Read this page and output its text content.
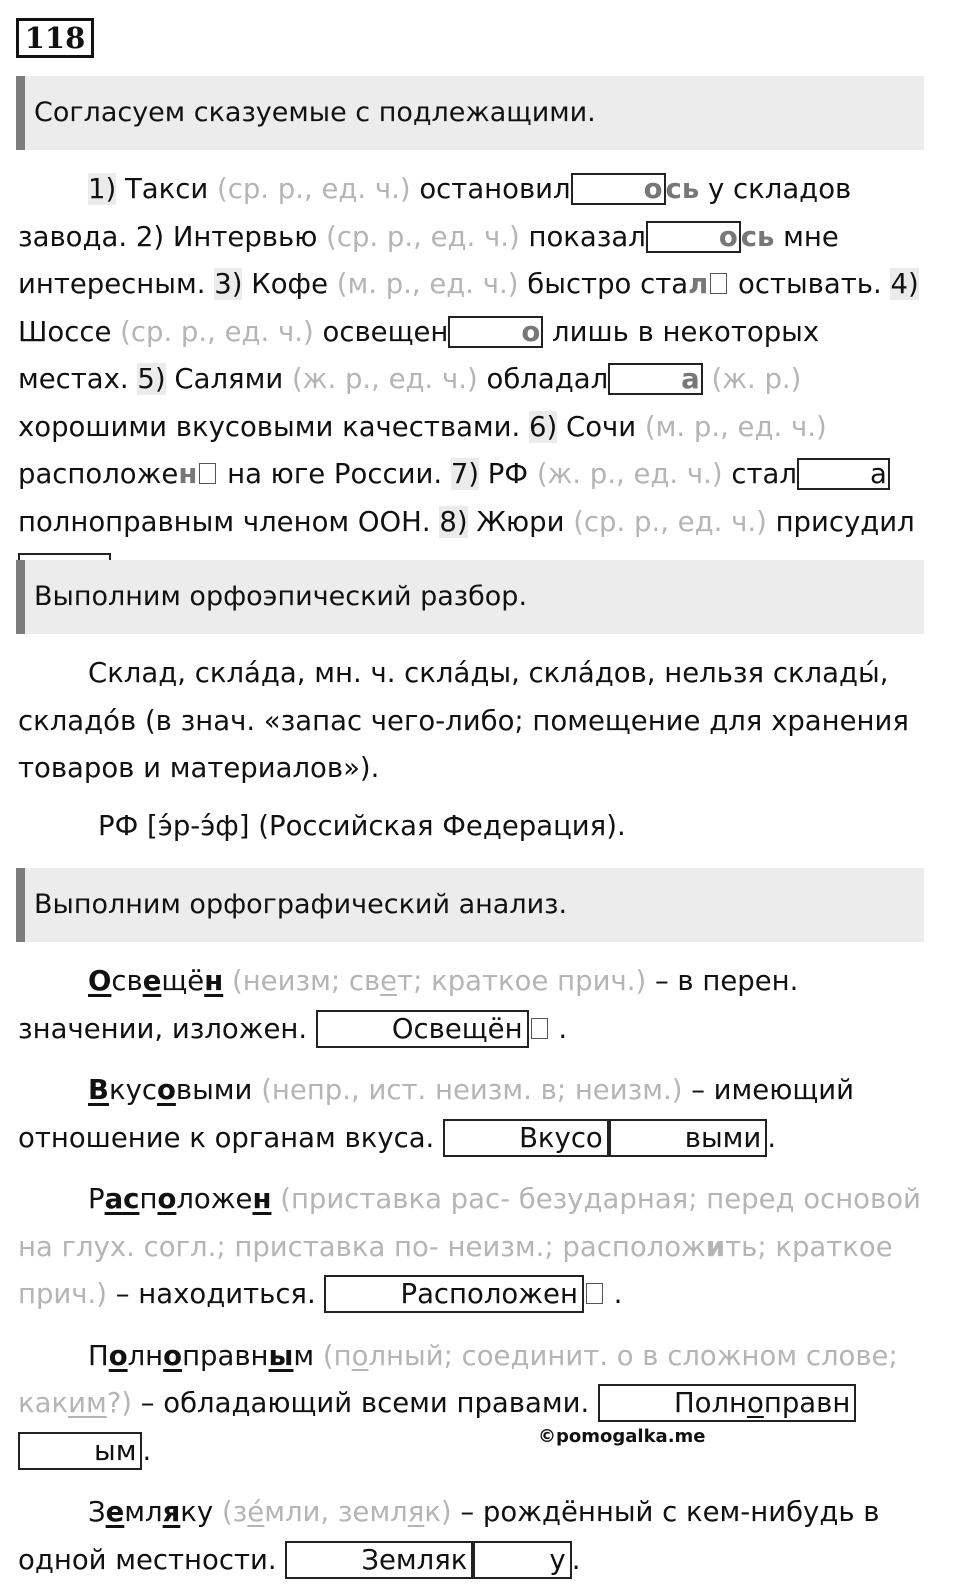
118
Согласуем сказуемые с подлежащими.

1) Такси (ср. р., ед. ч.) остановил	о сь у складов завода. 2) Интервью (ср. р., ед. ч.) показал	о сь мне интересным. 3) Кофе (м. р., ед. ч.) быстро стал остывать. 4) Шоссе (ср. р., ед. ч.) освещен	о лишь в некоторых местах. 5) Салями (ж. р., ед. ч.) обладал	а (ж. р.) хорошими вкусовыми качествами. 6) Сочи (м. р., ед. ч.) расположен на юге России. 7) РФ (ж. р., ед. ч.) стал	а полноправным членом ООН. 8) Жюри (ср. р., ед. ч.) присудил

Выполним орфоэпический разбор.

Склад, скла́да, мн. ч. скла́ды, скла́дов, нельзя склады́, складо́в (в знач. «запас чего-либо; помещение для хранения товаров и материалов»).

РФ [э́р-э́ф] (Российская Федерация).

Выполним орфографический анализ.

Освещён (неизм; свет; краткое прич.) – в перен. значении, изложен.	Освещён .

Вкусовыми (непр., ист. неизм. в; неизм.) – имеющий отношение к органам вкуса.	Вкусо	выми .

Расположен (приставка рас- безударная; перед основой на глух. согл.; приставка по- неизм.; расположить; краткое прич.) – находиться.	Расположен .

Полноправным (полный; соединит. о в сложном слове; каким?) – обладающий всеми правами.	Полноправным .

Земляку (зе́мли, земляк) – рождённый с кем-нибудь в одной местности.	Земляк	у .

©pomogalka.me
